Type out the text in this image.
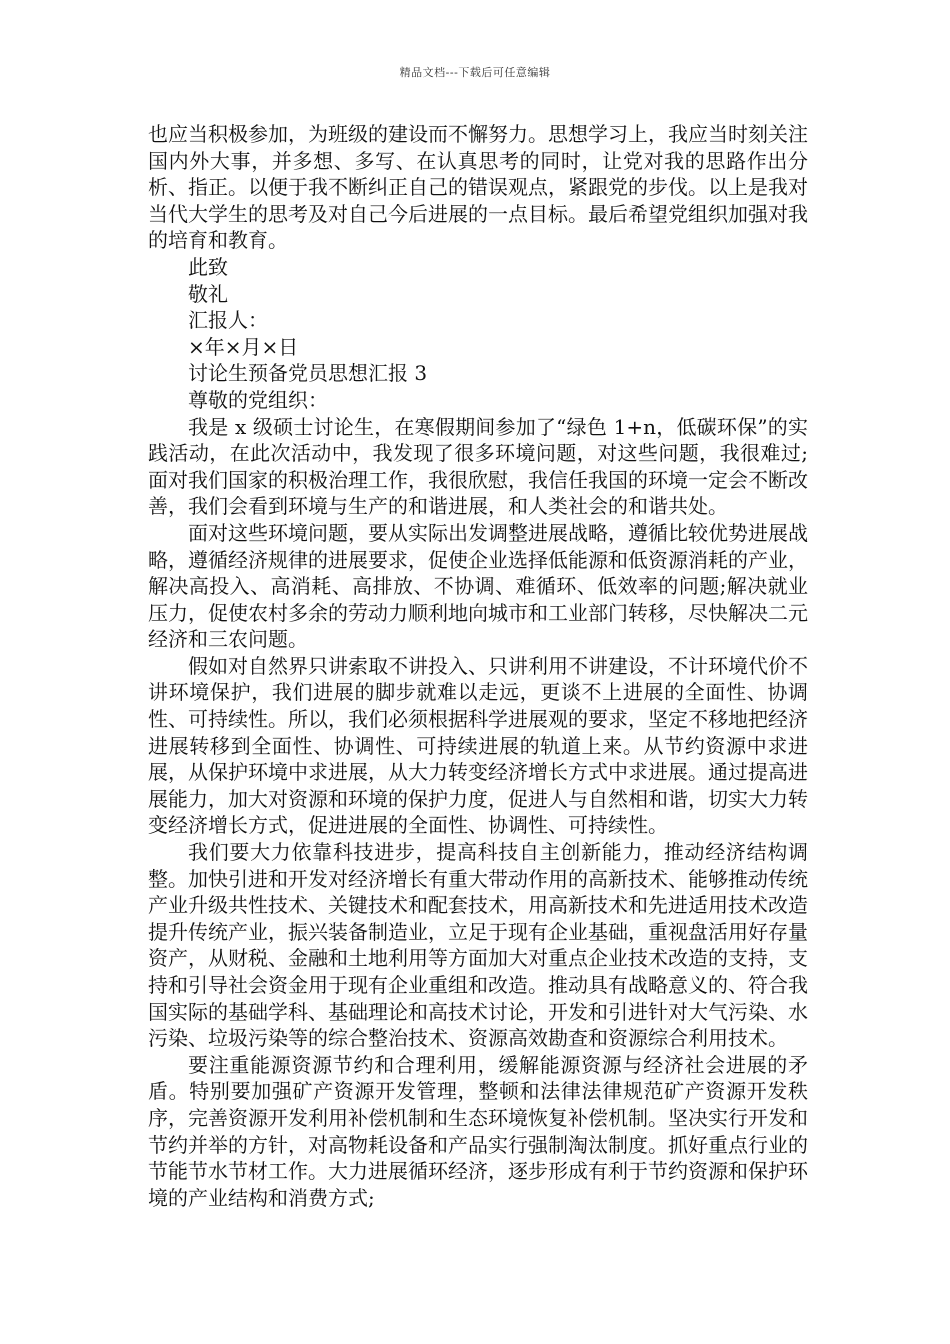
精品文档---下载后可任意编辑

也应当积极参加，为班级的建设而不懈努力。思想学习上，我应当时刻关注国内外大事，并多想、多写、在认真思考的同时，让党对我的思路作出分析、指正。以便于我不断纠正自己的错误观点，紧跟党的步伐。以上是我对当代大学生的思考及对自己今后进展的一点目标。最后希望党组织加强对我的培育和教育。

此致

敬礼

汇报人：

×年×月×日

讨论生预备党员思想汇报 3

尊敬的党组织：

我是 x 级硕士讨论生，在寒假期间参加了“绿色 1+n，低碳环保”的实践活动，在此次活动中，我发现了很多环境问题，对这些问题，我很难过;面对我们国家的积极治理工作，我很欣慰，我信任我国的环境一定会不断改善，我们会看到环境与生产的和谐进展，和人类社会的和谐共处。

面对这些环境问题，要从实际出发调整进展战略，遵循比较优势进展战略，遵循经济规律的进展要求，促使企业选择低能源和低资源消耗的产业，解决高投入、高消耗、高排放、不协调、难循环、低效率的问题;解决就业压力，促使农村多余的劳动力顺利地向城市和工业部门转移，尽快解决二元经济和三农问题。

假如对自然界只讲索取不讲投入、只讲利用不讲建设，不计环境代价不讲环境保护，我们进展的脚步就难以走远，更谈不上进展的全面性、协调性、可持续性。所以，我们必须根据科学进展观的要求，坚定不移地把经济进展转移到全面性、协调性、可持续进展的轨道上来。从节约资源中求进展，从保护环境中求进展，从大力转变经济增长方式中求进展。通过提高进展能力，加大对资源和环境的保护力度，促进人与自然相和谐，切实大力转变经济增长方式，促进进展的全面性、协调性、可持续性。

我们要大力依靠科技进步，提高科技自主创新能力，推动经济结构调整。加快引进和开发对经济增长有重大带动作用的高新技术、能够推动传统产业升级共性技术、关键技术和配套技术，用高新技术和先进适用技术改造提升传统产业，振兴装备制造业，立足于现有企业基础，重视盘活用好存量资产，从财税、金融和土地利用等方面加大对重点企业技术改造的支持，支持和引导社会资金用于现有企业重组和改造。推动具有战略意义的、符合我国实际的基础学科、基础理论和高技术讨论，开发和引进针对大气污染、水污染、垃圾污染等的综合整治技术、资源高效勘查和资源综合利用技术。

要注重能源资源节约和合理利用，缓解能源资源与经济社会进展的矛盾。特别要加强矿产资源开发管理，整顿和法律法律规范矿产资源开发秩序，完善资源开发利用补偿机制和生态环境恢复补偿机制。坚决实行开发和节约并举的方针，对高物耗设备和产品实行强制淘汰制度。抓好重点行业的节能节水节材工作。大力进展循环经济，逐步形成有利于节约资源和保护环境的产业结构和消费方式;
